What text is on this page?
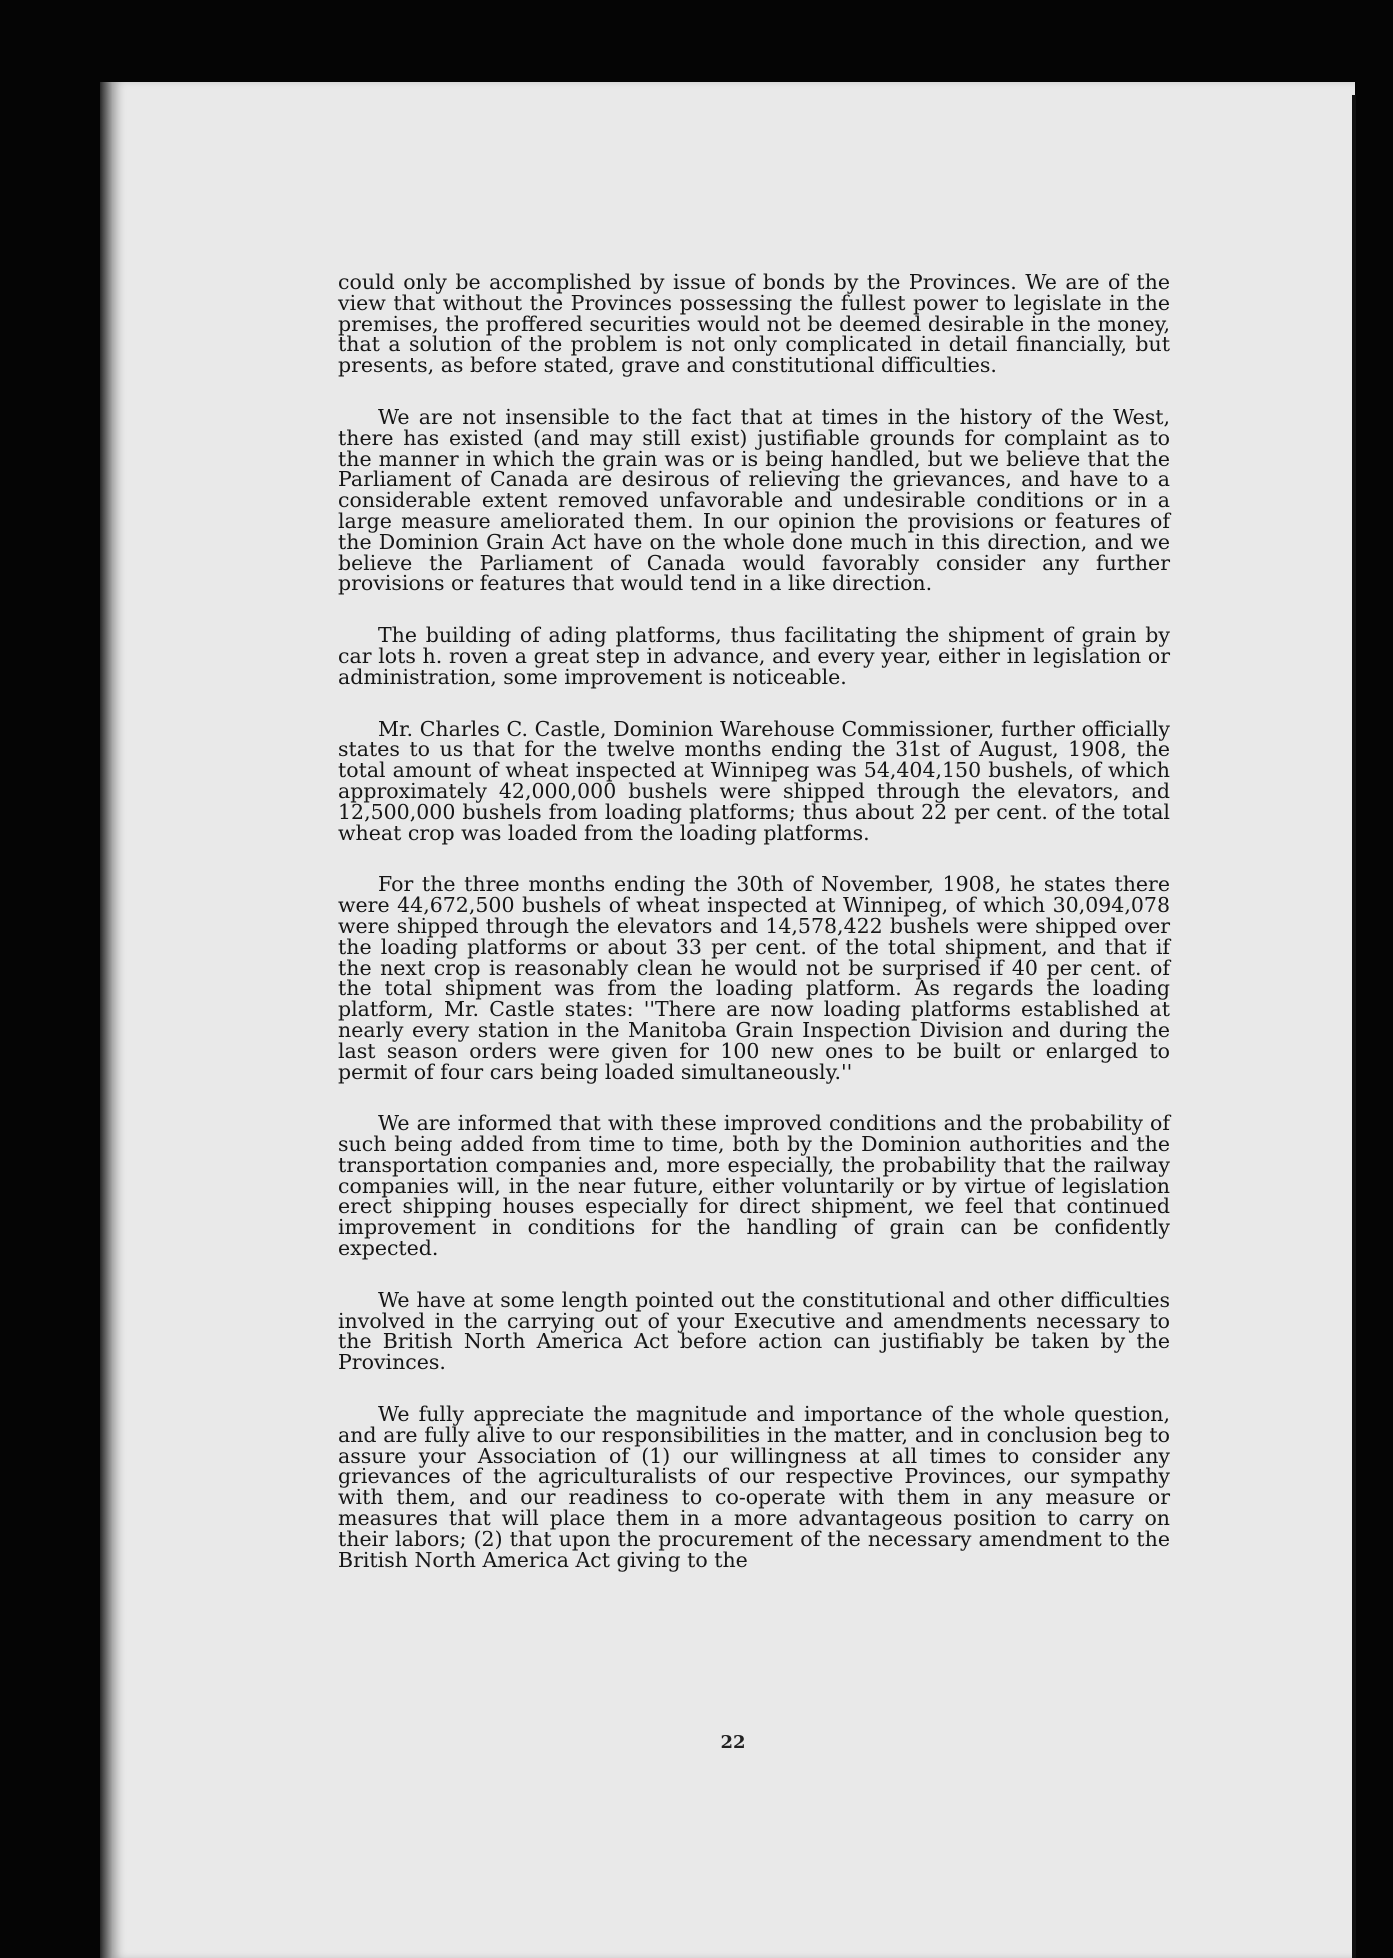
could only be accomplished by issue of bonds by the Provinces. We are of the view that without the Provinces possessing the fullest power to legislate in the premises, the proffered securities would not be deemed desirable in the money, that a solution of the problem is not only complicated in detail financially, but presents, as before stated, grave and constitutional difficulties.

We are not insensible to the fact that at times in the history of the West, there has existed (and may still exist) justifiable grounds for complaint as to the manner in which the grain was or is being handled, but we believe that the Parliament of Canada are desirous of relieving the grievances, and have to a considerable extent removed unfavorable and undesirable conditions or in a large measure ameliorated them. In our opinion the provisions or features of the Dominion Grain Act have on the whole done much in this direction, and we believe the Parliament of Canada would favorably consider any further provisions or features that would tend in a like direction.

The building of ading platforms, thus facilitating the shipment of grain by car lots h. roven a great step in advance, and every year, either in legislation or administration, some improvement is noticeable.

Mr. Charles C. Castle, Dominion Warehouse Commissioner, further officially states to us that for the twelve months ending the 31st of August, 1908, the total amount of wheat inspected at Winnipeg was 54,404,150 bushels, of which approximately 42,000,000 bushels were shipped through the elevators, and 12,500,000 bushels from loading platforms; thus about 22 per cent. of the total wheat crop was loaded from the loading platforms.

For the three months ending the 30th of November, 1908, he states there were 44,672,500 bushels of wheat inspected at Winnipeg, of which 30,094,078 were shipped through the elevators and 14,578,422 bushels were shipped over the loading platforms or about 33 per cent. of the total shipment, and that if the next crop is reasonably clean he would not be surprised if 40 per cent. of the total shipment was from the loading platform. As regards the loading platform, Mr. Castle states: ''There are now loading platforms established at nearly every station in the Manitoba Grain Inspection Division and during the last season orders were given for 100 new ones to be built or enlarged to permit of four cars being loaded simultaneously.''

We are informed that with these improved conditions and the probability of such being added from time to time, both by the Dominion authorities and the transportation companies and, more especially, the probability that the railway companies will, in the near future, either voluntarily or by virtue of legislation erect shipping houses especially for direct shipment, we feel that continued improvement in conditions for the handling of grain can be confidently expected.

We have at some length pointed out the constitutional and other difficulties involved in the carrying out of your Executive and amendments necessary to the British North America Act before action can justifiably be taken by the Provinces.

We fully appreciate the magnitude and importance of the whole question, and are fully alive to our responsibilities in the matter, and in conclusion beg to assure your Association of (1) our willingness at all times to consider any grievances of the agriculturalists of our respective Provinces, our sympathy with them, and our readiness to co-operate with them in any measure or measures that will place them in a more advantageous position to carry on their labors; (2) that upon the procurement of the necessary amendment to the British North America Act giving to the

22
